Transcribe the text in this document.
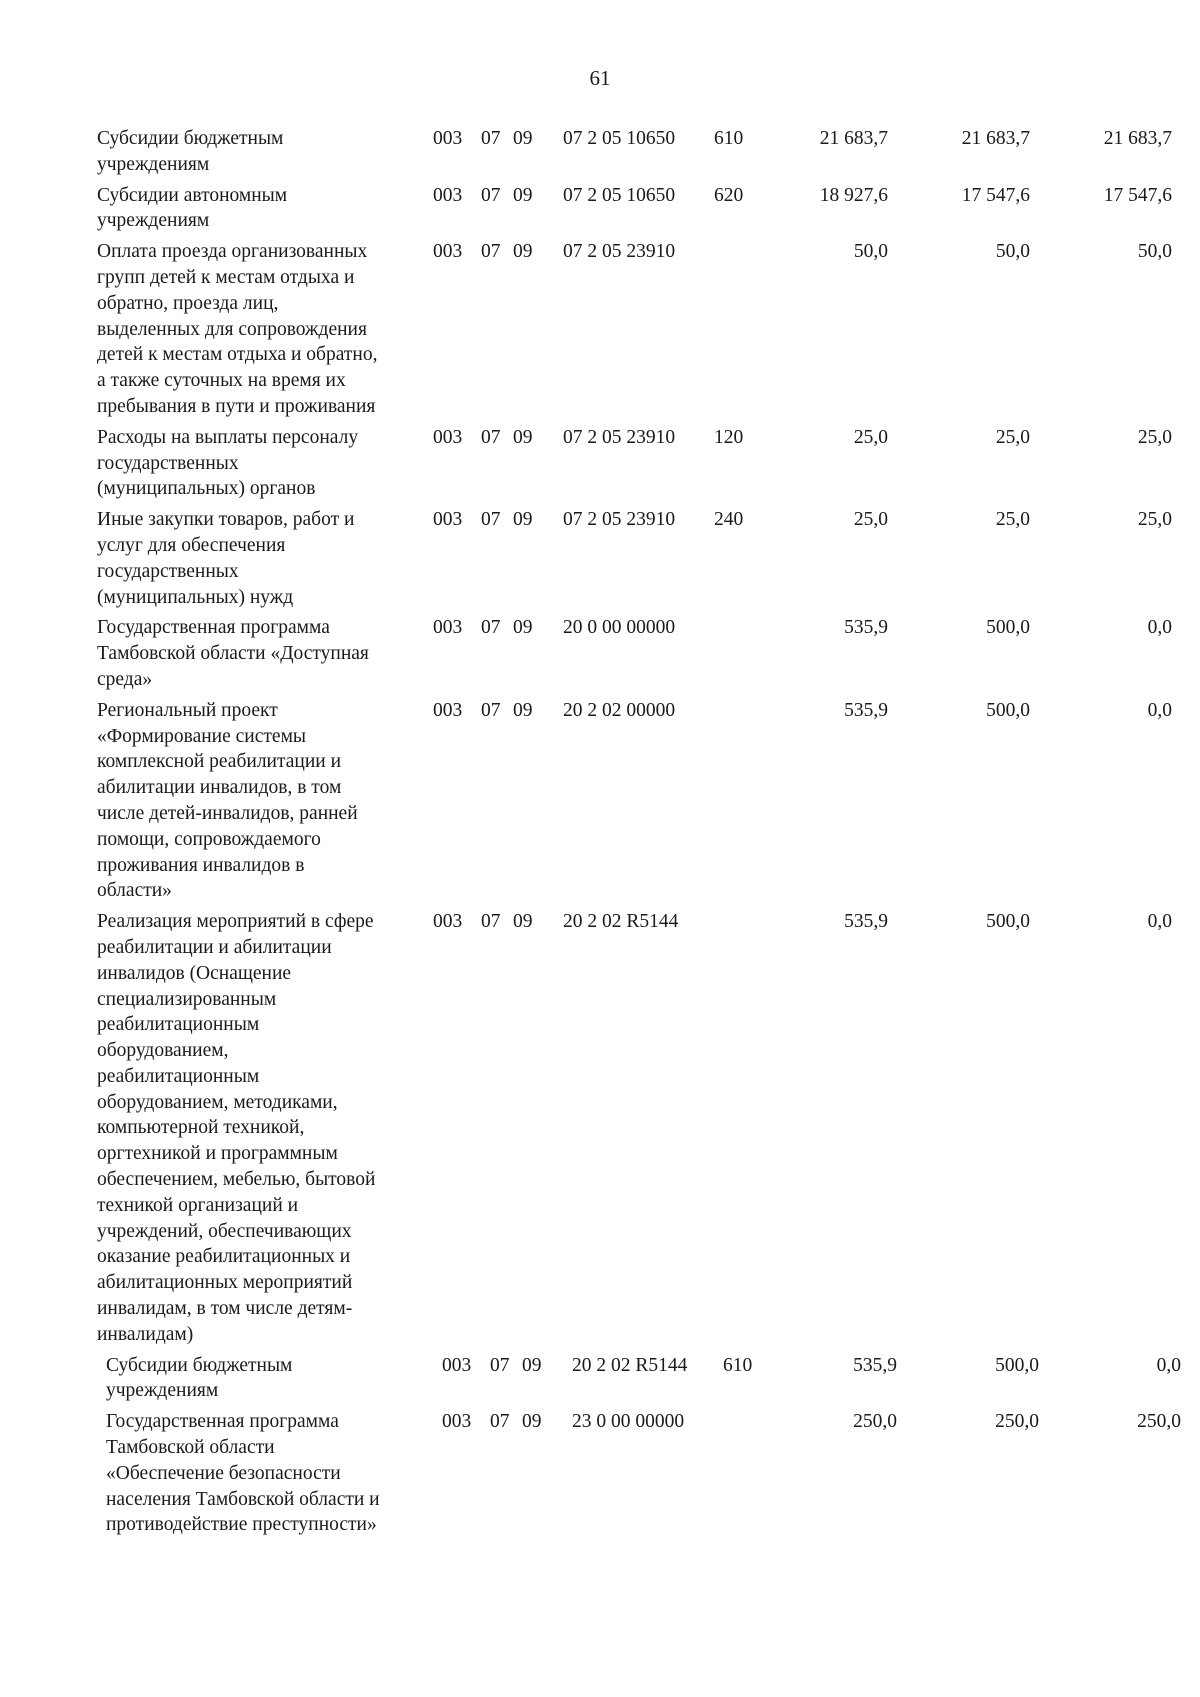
61
Субсидии бюджетным
учреждениям
003 07 09 07 2 05 10650 610	21 683,7	21 683,7	21 683,7
Субсидии автономным
учреждениям
003 07 09 07 2 05 10650 620	18 927,6	17 547,6	17 547,6
Оплата проезда организованных
групп детей к местам отдыха и
обратно, проезда лиц,
выделенных для сопровождения
детей к местам отдыха и обратно,
а также суточных на время их
пребывания в пути и проживания
003 07 09 07 2 05 23910	50,0	50,0	50,0
Расходы на выплаты персоналу
государственных
(муниципальных) органов
003 07 09 07 2 05 23910 120	25,0	25,0	25,0
Иные закупки товаров, работ и
услуг для обеспечения
государственных
(муниципальных) нужд
003 07 09 07 2 05 23910 240	25,0	25,0	25,0
Государственная программа
Тамбовской области «Доступная
среда»
003 07 09 20 0 00 00000	535,9	500,0	0,0
Региональный проект
«Формирование системы
комплексной реабилитации и
абилитации инвалидов, в том
числе детей-инвалидов, ранней
помощи, сопровождаемого
проживания инвалидов в
области»
003 07 09 20 2 02 00000	535,9	500,0	0,0
Реализация мероприятий в сфере
реабилитации и абилитации
инвалидов (Оснащение
специализированным
реабилитационным
оборудованием,
реабилитационным
оборудованием, методиками,
компьютерной техникой,
оргтехникой и программным
обеспечением, мебелью, бытовой
техникой организаций и
учреждений, обеспечивающих
оказание реабилитационных и
абилитационных мероприятий
инвалидам, в том числе детям-
инвалидам)
003 07 09 20 2 02 R5144	535,9	500,0	0,0
Субсидии бюджетным
учреждениям
003 07 09 20 2 02 R5144 610	535,9	500,0	0,0
Государственная программа
Тамбовской области
«Обеспечение безопасности
населения Тамбовской области и
противодействие преступности»
003 07 09 23 0 00 00000	250,0	250,0	250,0
